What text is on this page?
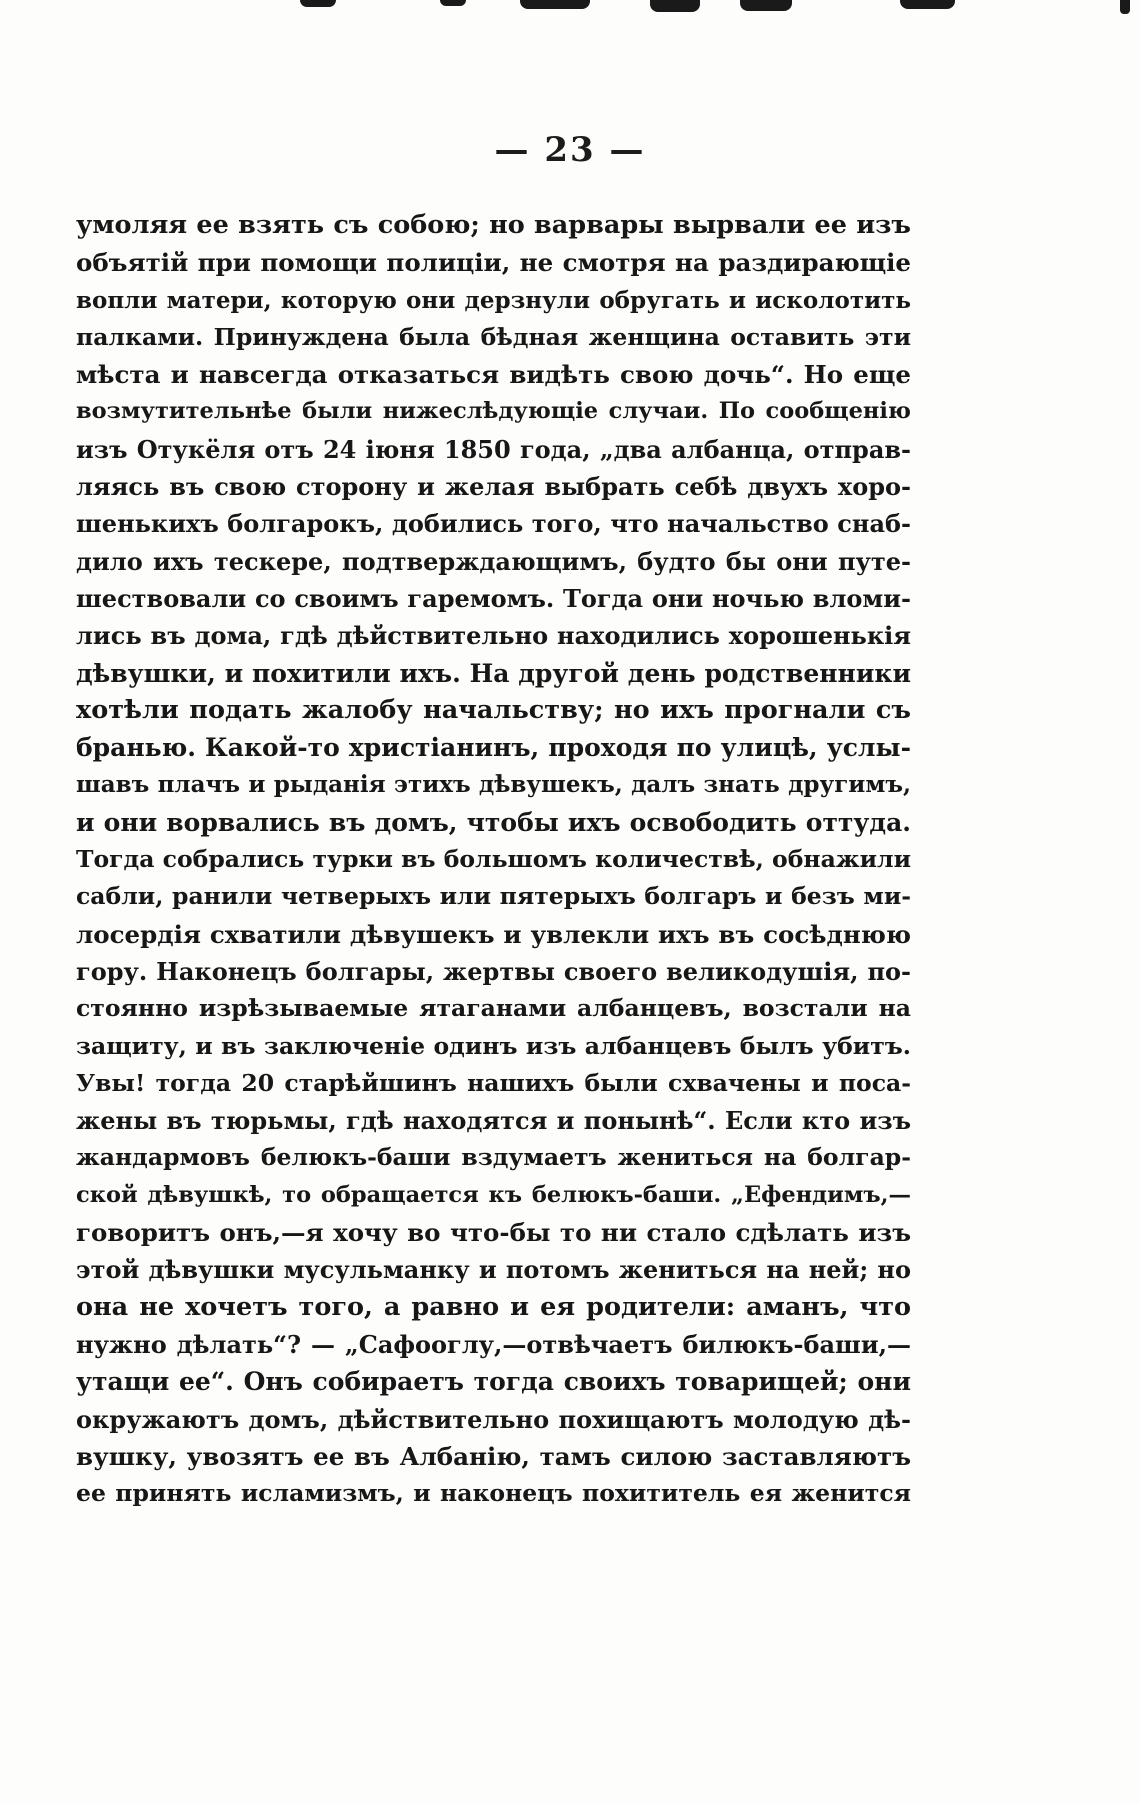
— 23 —
умоляя ее взять съ собою; но варвары вырвали ее изъ
объятій при помощи полиціи, не смотря на раздирающіе
вопли матери, которую они дерзнули обругать и исколотить
палками. Принуждена была бѣдная женщина оставить эти
мѣста и навсегда отказаться видѣть свою дочь“. Но еще
возмутительнѣе были нижеслѣдующіе случаи. По сообщенію
изъ Отукёля отъ 24 іюня 1850 года, „два албанца, отправ-
ляясь въ свою сторону и желая выбрать себѣ двухъ хоро-
шенькихъ болгарокъ, добились того, что начальство снаб-
дило ихъ тескере, подтверждающимъ, будто бы они путе-
шествовали со своимъ гаремомъ. Тогда они ночью вломи-
лись въ дома, гдѣ дѣйствительно находились хорошенькія
дѣвушки, и похитили ихъ. На другой день родственники
хотѣли подать жалобу начальству; но ихъ прогнали съ
бранью. Какой-то христіанинъ, проходя по улицѣ, услы-
шавъ плачъ и рыданія этихъ дѣвушекъ, далъ знать другимъ,
и они ворвались въ домъ, чтобы ихъ освободить оттуда.
Тогда собрались турки въ большомъ количествѣ, обнажили
сабли, ранили четверыхъ или пятерыхъ болгаръ и безъ ми-
лосердія схватили дѣвушекъ и увлекли ихъ въ сосѣднюю
гору. Наконецъ болгары, жертвы своего великодушія, по-
стоянно изрѣзываемые ятаганами албанцевъ, возстали на
защиту, и въ заключеніе одинъ изъ албанцевъ былъ убитъ.
Увы! тогда 20 старѣйшинъ нашихъ были схвачены и поса-
жены въ тюрьмы, гдѣ находятся и понынѣ“. Если кто изъ
жандармовъ белюкъ-баши вздумаетъ жениться на болгар-
ской дѣвушкѣ, то обращается къ белюкъ-баши. „Ефендимъ,—
говоритъ онъ,—я хочу во что-бы то ни стало сдѣлать изъ
этой дѣвушки мусульманку и потомъ жениться на ней; но
она не хочетъ того, а равно и ея родители: аманъ, что
нужно дѣлать“? — „Сафооглу,—отвѣчаетъ билюкъ-баши,—
утащи ее“. Онъ собираетъ тогда своихъ товарищей; они
окружаютъ домъ, дѣйствительно похищаютъ молодую дѣ-
вушку, увозятъ ее въ Албанію, тамъ силою заставляютъ
ее принять исламизмъ, и наконецъ похититель ея женится
